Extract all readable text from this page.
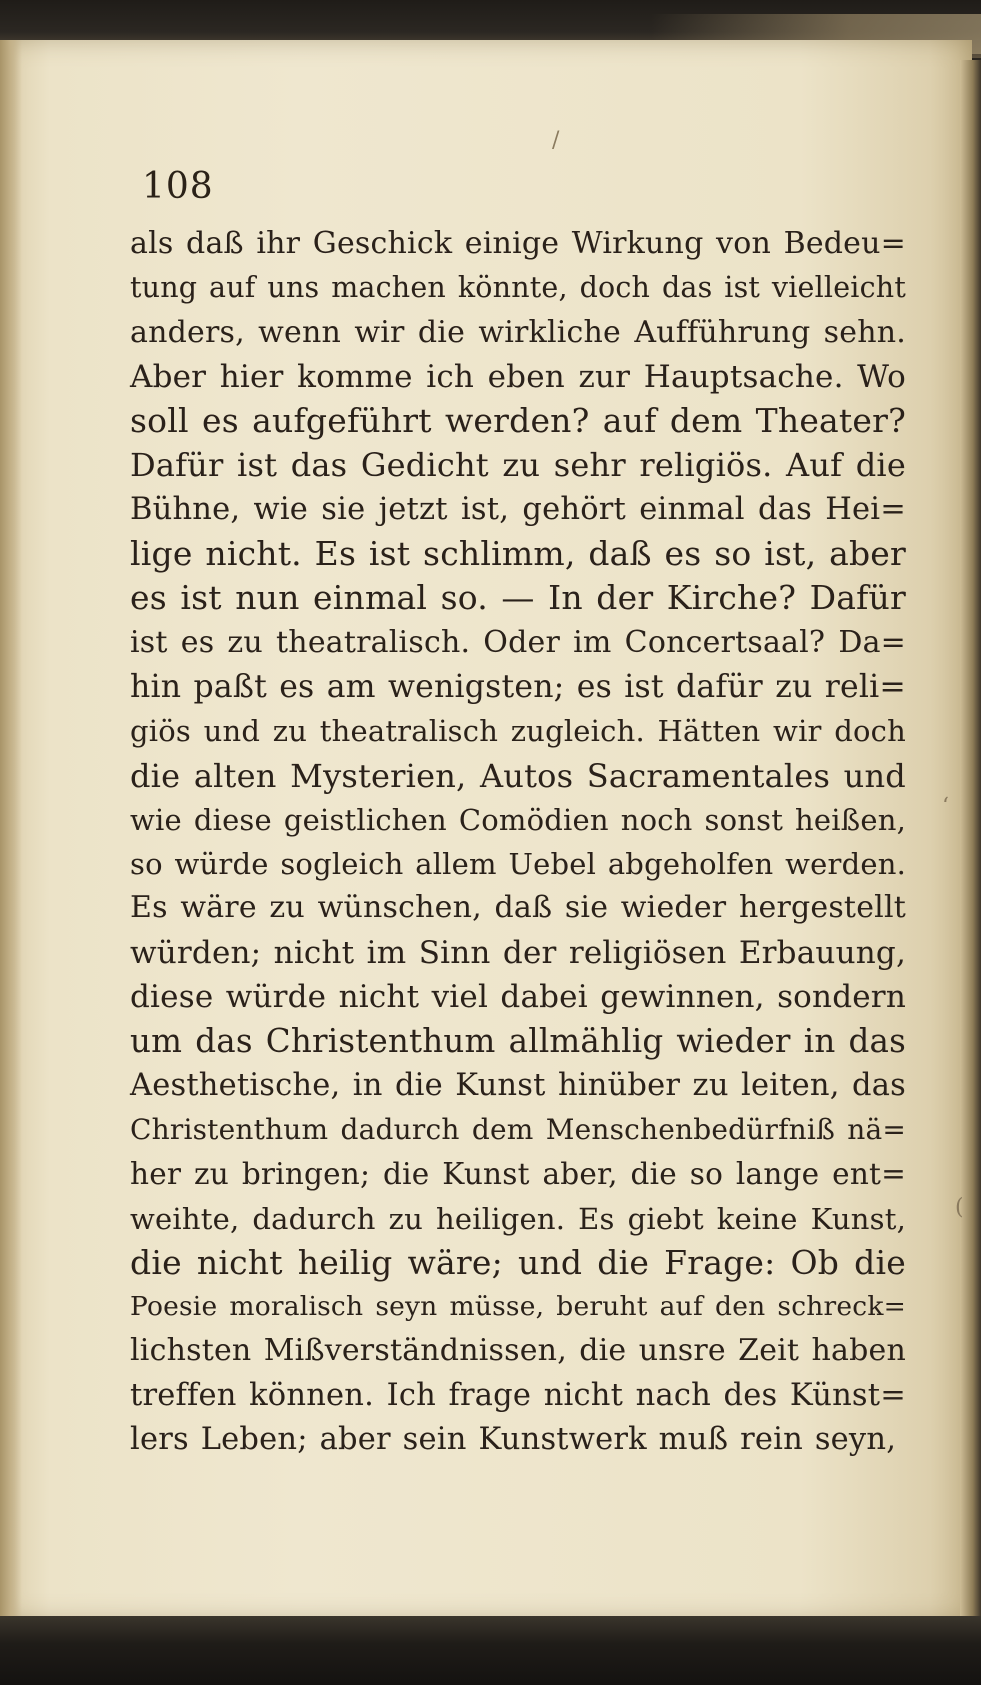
/
‘
(
108
als daß ihr Geschick einige Wirkung von Bedeu=
tung auf uns machen könnte, doch das ist vielleicht
anders, wenn wir die wirkliche Aufführung sehn.
Aber hier komme ich eben zur Hauptsache. Wo
soll es aufgeführt werden? auf dem Theater?
Dafür ist das Gedicht zu sehr religiös. Auf die
Bühne, wie sie jetzt ist, gehört einmal das Hei=
lige nicht. Es ist schlimm, daß es so ist, aber
es ist nun einmal so. — In der Kirche? Dafür
ist es zu theatralisch. Oder im Concertsaal? Da=
hin paßt es am wenigsten; es ist dafür zu reli=
giös und zu theatralisch zugleich. Hätten wir doch
die alten Mysterien, Autos Sacramentales und
wie diese geistlichen Comödien noch sonst heißen,
so würde sogleich allem Uebel abgeholfen werden.
Es wäre zu wünschen, daß sie wieder hergestellt
würden; nicht im Sinn der religiösen Erbauung,
diese würde nicht viel dabei gewinnen, sondern
um das Christenthum allmählig wieder in das
Aesthetische, in die Kunst hinüber zu leiten, das
Christenthum dadurch dem Menschenbedürfniß nä=
her zu bringen; die Kunst aber, die so lange ent=
weihte, dadurch zu heiligen. Es giebt keine Kunst,
die nicht heilig wäre; und die Frage: Ob die
Poesie moralisch seyn müsse, beruht auf den schreck=
lichsten Mißverständnissen, die unsre Zeit haben
treffen können. Ich frage nicht nach des Künst=
lers Leben; aber sein Kunstwerk muß rein seyn,
